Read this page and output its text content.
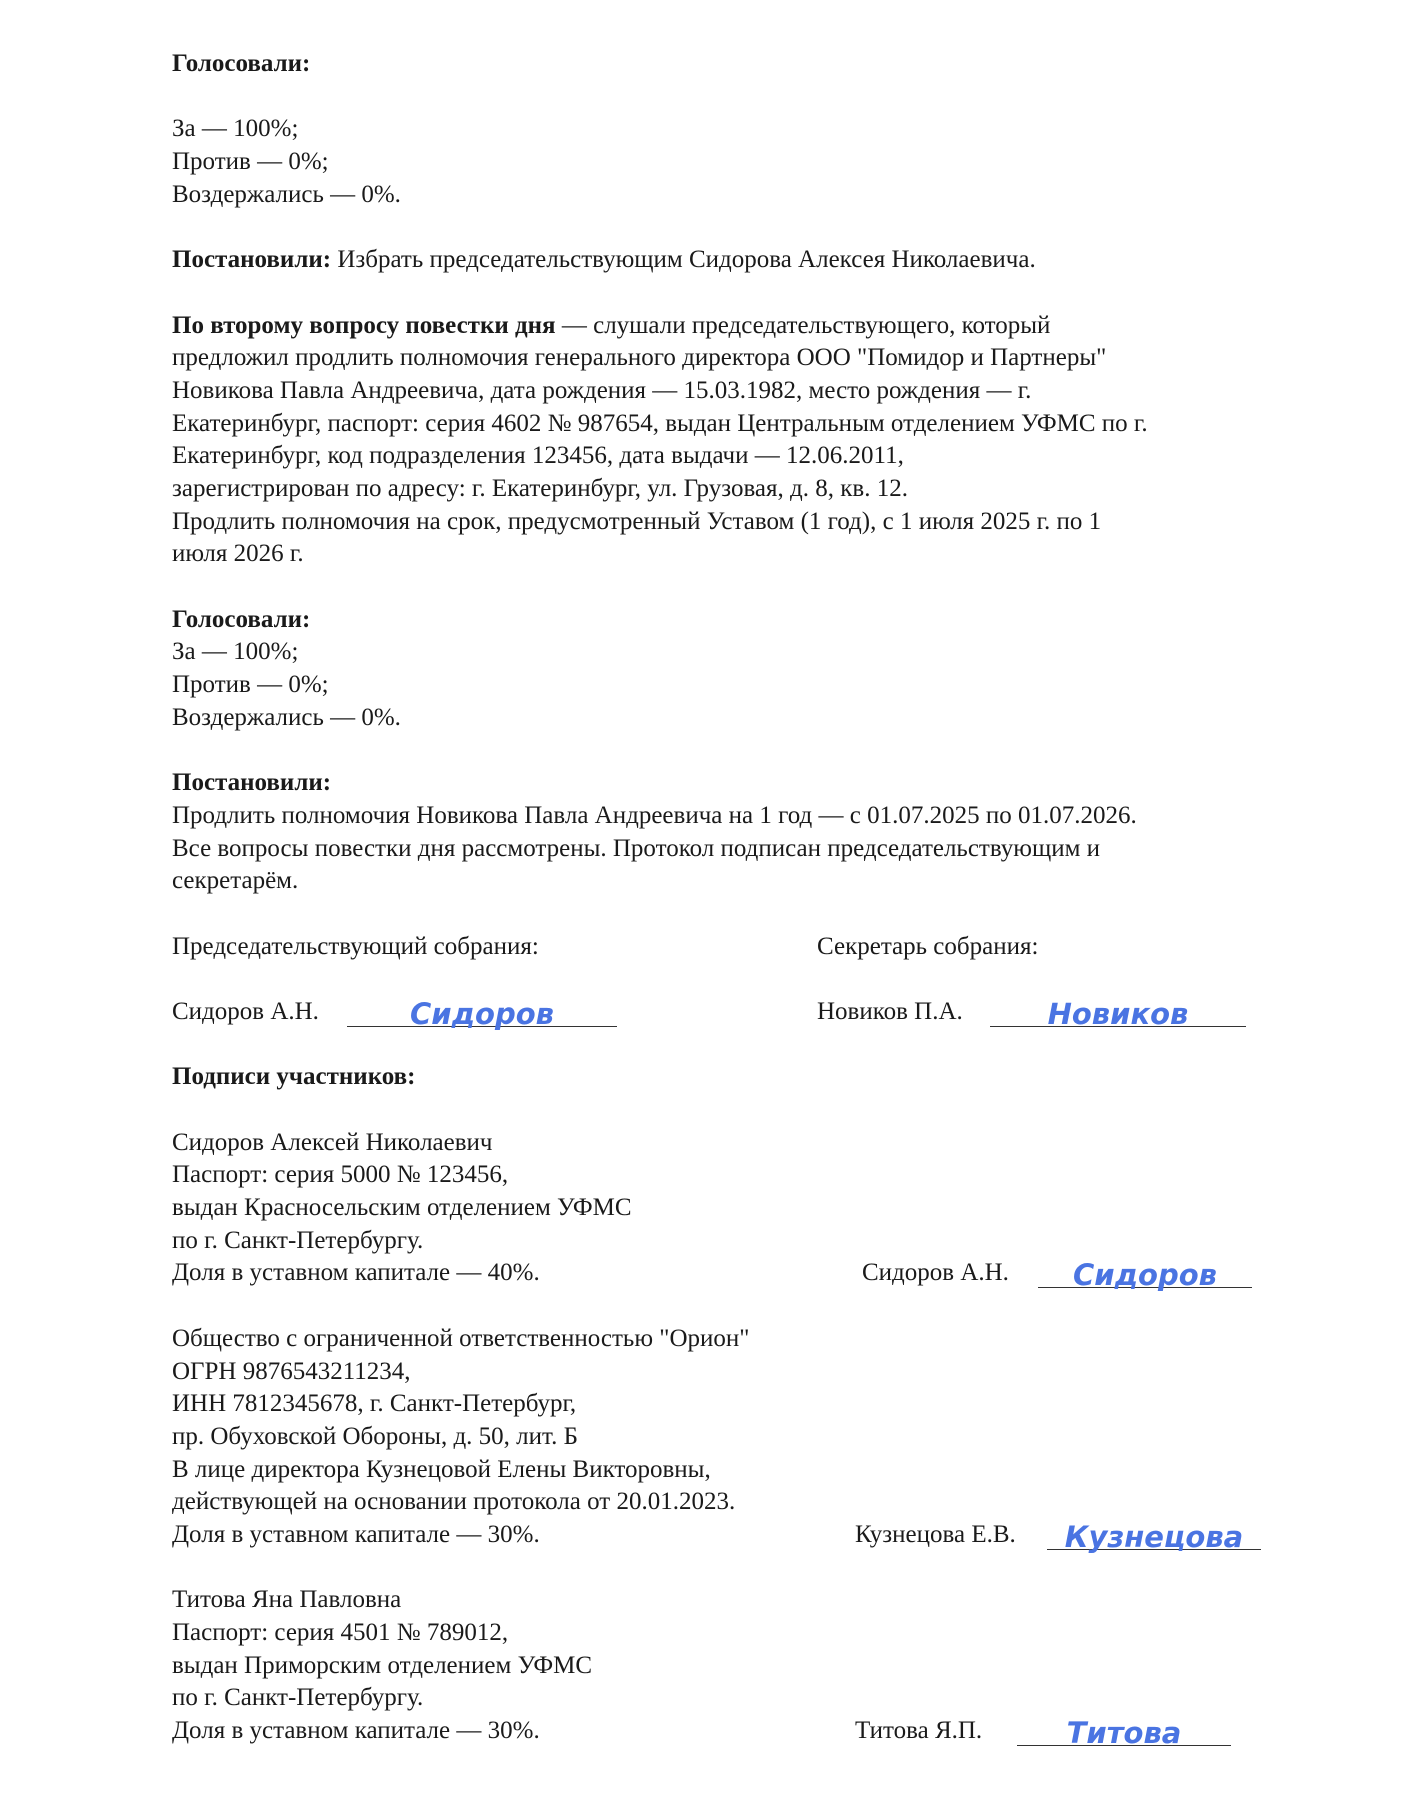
Голосовали:
За — 100%;
Против — 0%;
Воздержались — 0%.
Постановили: Избрать председательствующим Сидорова Алексея Николаевича.
По второму вопросу повестки дня — слушали председательствующего, который
предложил продлить полномочия генерального директора ООО "Помидор и Партнеры"
Новикова Павла Андреевича, дата рождения — 15.03.1982, место рождения — г.
Екатеринбург, паспорт: серия 4602 № 987654, выдан Центральным отделением УФМС по г.
Екатеринбург, код подразделения 123456, дата выдачи — 12.06.2011,
зарегистрирован по адресу: г. Екатеринбург, ул. Грузовая, д. 8, кв. 12.
Продлить полномочия на срок, предусмотренный Уставом (1 год), с 1 июля 2025 г. по 1
июля 2026 г.
Голосовали:
За — 100%;
Против — 0%;
Воздержались — 0%.
Постановили:
Продлить полномочия Новикова Павла Андреевича на 1 год — с 01.07.2025 по 01.07.2026.
Все вопросы повестки дня рассмотрены. Протокол подписан председательствующим и
секретарём.
Председательствующий собрания:	Секретарь собрания:
Сидоров А.Н.	Сидоров	Новиков П.А.	Новиков
Подписи участников:
Сидоров Алексей Николаевич
Паспорт: серия 5000 № 123456,
выдан Красносельским отделением УФМС
по г. Санкт-Петербургу.
Доля в уставном капитале — 40%.	Сидоров А.Н.	Сидоров
Общество с ограниченной ответственностью "Орион"
ОГРН 9876543211234,
ИНН 7812345678, г. Санкт-Петербург,
пр. Обуховской Обороны, д. 50, лит. Б
В лице директора Кузнецовой Елены Викторовны,
действующей на основании протокола от 20.01.2023.
Доля в уставном капитале — 30%.	Кузнецова Е.В.	Кузнецова
Титова Яна Павловна
Паспорт: серия 4501 № 789012,
выдан Приморским отделением УФМС
по г. Санкт-Петербургу.
Доля в уставном капитале — 30%.	Титова Я.П.	Титова
